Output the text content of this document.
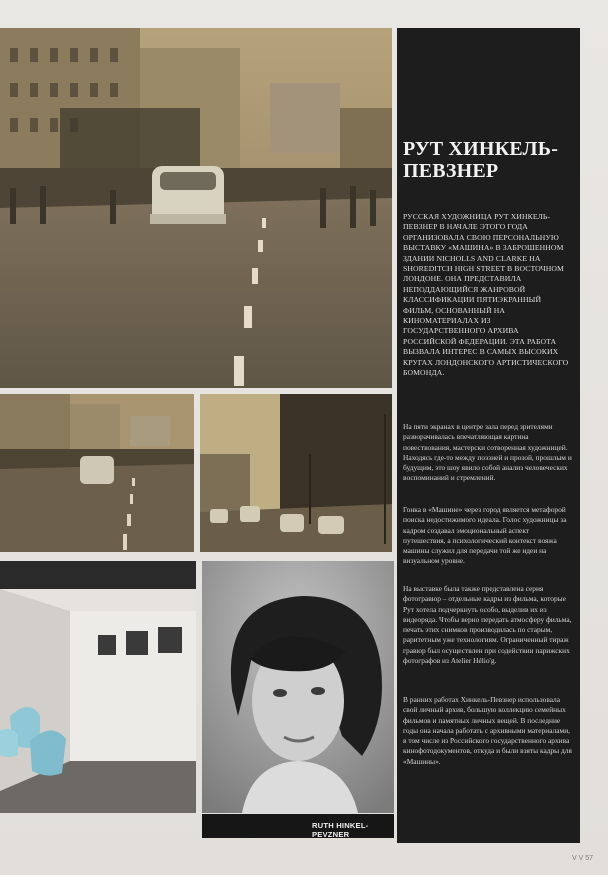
RUTH HINKEL-PEVZNER
РУТ ХИНКЕЛЬ-ПЕВЗНЕР
РУССКАЯ ХУДОЖНИЦА РУТ ХИНКЕЛЬ-ПЕВЗНЕР В НАЧАЛЕ ЭТОГО ГОДА ОРГАНИЗОВАЛА СВОЮ ПЕРСОНАЛЬНУЮ ВЫСТАВКУ «МАШИНА» В ЗАБРОШЕННОМ ЗДАНИИ NICHOLLS AND CLARKE НА SHOREDITCH HIGH STREET В ВОСТОЧНОМ ЛОНДОНЕ. ОНА ПРЕДСТАВИЛА НЕПОДДАЮЩИЙСЯ ЖАНРОВОЙ КЛАССИФИКАЦИИ ПЯТИЭКРАННЫЙ ФИЛЬМ, ОСНОВАННЫЙ НА КИНОМАТЕРИАЛАХ ИЗ ГОСУДАРСТВЕННОГО АРХИВА РОССИЙСКОЙ ФЕДЕРАЦИИ. ЭТА РАБОТА ВЫЗВАЛА ИНТЕРЕС В САМЫХ ВЫСОКИХ КРУГАХ ЛОНДОНСКОГО АРТИСТИЧЕСКОГО БОМОНДА.
На пяти экранах в центре зала перед зрителями разворачивалась впечатляющая картина повествования, мастерски сотворенная художницей. Находясь где-то между поэзией и прозой, прошлым и будущим, это шоу явило собой анализ человеческих воспоминаний и стремлений.
Гонка в «Машине» через город является метафорой поиска недостижимого идеала. Голос художницы за кадром создавал эмоциональный аспект путешествия, а психологический контекст вояжа машины служил для передачи той же идеи на визуальном уровне.
На выставке была также представлена серия фотогравюр – отдельные кадры из фильма, которые Рут хотела подчеркнуть особо, выделив их из видеоряда. Чтобы верно передать атмосферу фильма, печать этих снимков производилась по старым, раритетным уже технологиям. Ограниченный тираж гравюр был осуществлен при содействии парижских фотографов из Atelier Hélio'g.
В ранних работах Хинкель-Певзнер использовала свой личный архив, большую коллекцию семейных фильмов и памятных личных вещей. В последние годы она начала работать с архивными материалами, в том числе из Российского государственного архива кинофотодокументов, откуда и были взяты кадры для «Машины».
V V 57
